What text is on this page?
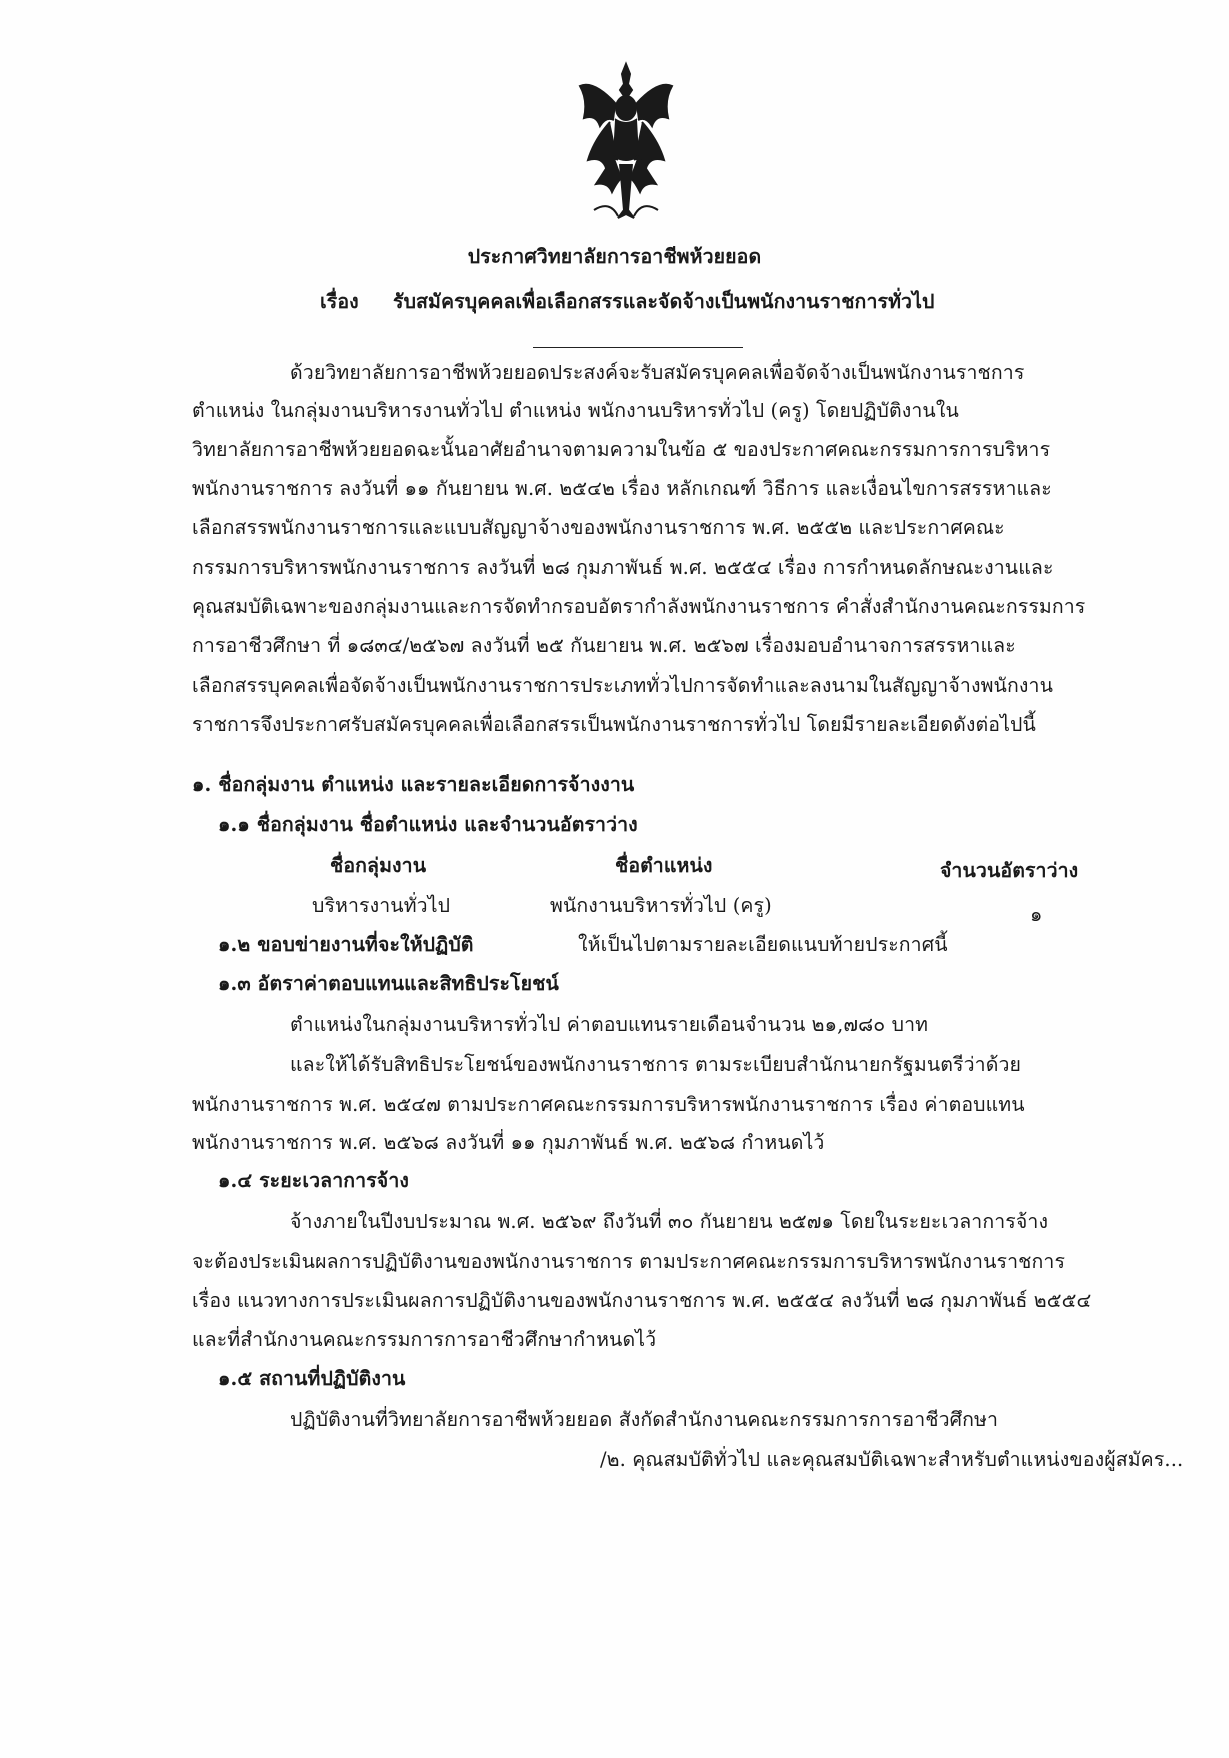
ประกาศวิทยาลัยการอาชีพห้วยยอด
เรื่อง รับสมัครบุคคลเพื่อเลือกสรรและจัดจ้างเป็นพนักงานราชการทั่วไป
ด้วยวิทยาลัยการอาชีพห้วยยอดประสงค์จะรับสมัครบุคคลเพื่อจัดจ้างเป็นพนักงานราชการ
ตำแหน่ง ในกลุ่มงานบริหารงานทั่วไป ตำแหน่ง พนักงานบริหารทั่วไป (ครู) โดยปฏิบัติงานใน
วิทยาลัยการอาชีพห้วยยอดฉะนั้นอาศัยอำนาจตามความในข้อ ๕ ของประกาศคณะกรรมการการบริหาร
พนักงานราชการ ลงวันที่ ๑๑ กันยายน พ.ศ. ๒๕๔๒ เรื่อง หลักเกณฑ์ วิธีการ และเงื่อนไขการสรรหาและ
เลือกสรรพนักงานราชการและแบบสัญญาจ้างของพนักงานราชการ พ.ศ. ๒๕๕๒ และประกาศคณะ
กรรมการบริหารพนักงานราชการ ลงวันที่ ๒๘ กุมภาพันธ์ พ.ศ. ๒๕๕๔ เรื่อง การกำหนดลักษณะงานและ
คุณสมบัติเฉพาะของกลุ่มงานและการจัดทำกรอบอัตรากำลังพนักงานราชการ คำสั่งสำนักงานคณะกรรมการ
การอาชีวศึกษา ที่ ๑๘๓๔/๒๕๖๗ ลงวันที่ ๒๕ กันยายน พ.ศ. ๒๕๖๗ เรื่องมอบอำนาจการสรรหาและ
เลือกสรรบุคคลเพื่อจัดจ้างเป็นพนักงานราชการประเภททั่วไปการจัดทำและลงนามในสัญญาจ้างพนักงาน
ราชการจึงประกาศรับสมัครบุคคลเพื่อเลือกสรรเป็นพนักงานราชการทั่วไป โดยมีรายละเอียดดังต่อไปนี้
๑. ชื่อกลุ่มงาน ตำแหน่ง และรายละเอียดการจ้างงาน
๑.๑ ชื่อกลุ่มงาน ชื่อตำแหน่ง และจำนวนอัตราว่าง
ชื่อกลุ่มงาน	ชื่อตำแหน่ง	จำนวนอัตราว่าง
บริหารงานทั่วไป	พนักงานบริหารทั่วไป (ครู)	๑
๑.๒ ขอบข่ายงานที่จะให้ปฏิบัติ	ให้เป็นไปตามรายละเอียดแนบท้ายประกาศนี้
๑.๓ อัตราค่าตอบแทนและสิทธิประโยชน์
ตำแหน่งในกลุ่มงานบริหารทั่วไป ค่าตอบแทนรายเดือนจำนวน ๒๑,๗๘๐ บาท
และให้ได้รับสิทธิประโยชน์ของพนักงานราชการ ตามระเบียบสำนักนายกรัฐมนตรีว่าด้วย
พนักงานราชการ พ.ศ. ๒๕๔๗ ตามประกาศคณะกรรมการบริหารพนักงานราชการ เรื่อง ค่าตอบแทน
พนักงานราชการ พ.ศ. ๒๕๖๘ ลงวันที่ ๑๑ กุมภาพันธ์ พ.ศ. ๒๕๖๘ กำหนดไว้
๑.๔ ระยะเวลาการจ้าง
จ้างภายในปีงบประมาณ พ.ศ. ๒๕๖๙ ถึงวันที่ ๓๐ กันยายน ๒๕๗๑ โดยในระยะเวลาการจ้าง
จะต้องประเมินผลการปฏิบัติงานของพนักงานราชการ ตามประกาศคณะกรรมการบริหารพนักงานราชการ
เรื่อง แนวทางการประเมินผลการปฏิบัติงานของพนักงานราชการ พ.ศ. ๒๕๕๔ ลงวันที่ ๒๘ กุมภาพันธ์ ๒๕๕๔
และที่สำนักงานคณะกรรมการการอาชีวศึกษากำหนดไว้
๑.๕ สถานที่ปฏิบัติงาน
ปฏิบัติงานที่วิทยาลัยการอาชีพห้วยยอด สังกัดสำนักงานคณะกรรมการการอาชีวศึกษา
/๒. คุณสมบัติทั่วไป และคุณสมบัติเฉพาะสำหรับตำแหน่งของผู้สมัคร...
